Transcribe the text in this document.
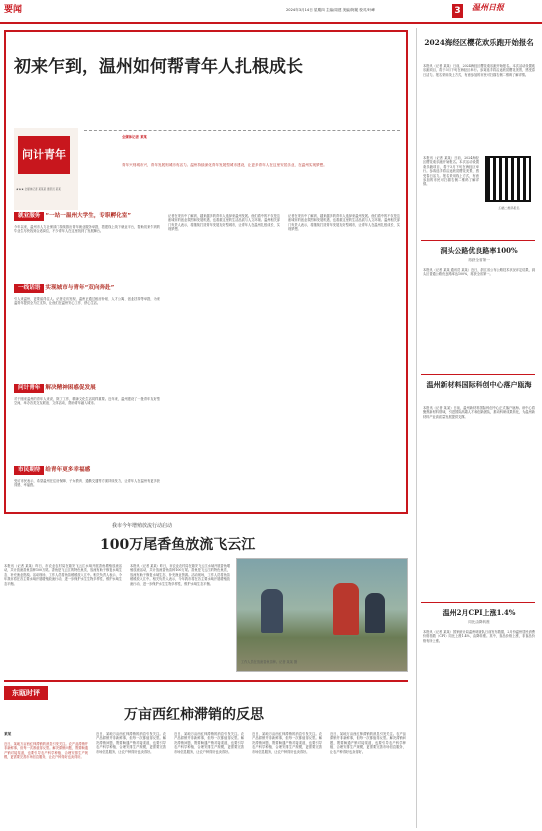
要闻	2024年3月14日 星期四 主编/周建 美编/阿妮 校对/叶峰	3 温州日报
初来乍到，温州如何帮青年人扎根成长
问计青年
★★★ 全媒体记者 某某某 通讯员 某某
全媒体记者 某某
青年兴则城市兴，青年发展则城市有活力。温州持续深化青年发展型城市建设，让更多青年人在这里安居乐业，在温州实现梦想。
就业服务 “一站一温州大学生，专职孵化室”
今年以来，温州市人力社保部门持续推出青年就业服务举措，搭建线上线下就业平台，帮助初来乍到的毕业生尽快找到合适岗位，不少青年人在这里找到了发展舞台。
一线话语 实现城市与青年“双向奔赴”
引人来温州，更要留得住人。记者走访发现，温州正通过租房补贴、人才公寓、创业扶持等举措，为来温青年提供全方位支持，让他们在温州安心工作、舒心生活。
问计青年 解决精神困惑促发展
对于刚来温州的青年人来说，除了工作，精神文化生活同样重要。近年来，温州建设了一批青年友好型空间，举办各类交友联谊、文体活动，帮助青年融入城市。
市民期待 给青年更多幸福感
受访市民表示，希望温州在住房保障、子女教育、通勤交通等方面持续发力，让青年人在温州有更多获得感、幸福感。
记者在采访中了解到，越来越多的青年人选择来温州发展。他们看中的不仅是这座城市的创业氛围和发展机遇，也看重这里的生活品质与人文环境。温州相关部门负责人表示，将继续打造青年发展友好型城市，让青年人在温州扎根成长、实现梦想。
记者在采访中了解到，越来越多的青年人选择来温州发展。他们看中的不仅是这座城市的创业氛围和发展机遇，也看重这里的生活品质与人文环境。温州相关部门负责人表示，将继续打造青年发展友好型城市，让青年人在温州扎根成长、实现梦想。
我市今年增殖放流行动启动
100万尾香鱼放流飞云江
本报讯（记者 某某）昨日，市农业农村局在瑞安飞云江水域开展香鱼增殖放流活动，共计放流香鱼苗种100万尾。香鱼是飞云江的特色鱼类，放流有助于修复水域生态、补充渔业资源。活动现场，工作人员将鱼苗缓缓放入江中。相关负责人表示，今年我市将在各主要水域开展增殖放流行动，进一步保护水生生物多样性，维护水域生态平衡。
本报讯（记者 某某）昨日，市农业农村局在瑞安飞云江水域开展香鱼增殖放流活动，共计放流香鱼苗种100万尾。香鱼是飞云江的特色鱼类，放流有助于修复水域生态、补充渔业资源。活动现场，工作人员将鱼苗缓缓放入江中。相关负责人表示，今年我市将在各主要水域开展增殖放流行动，进一步保护水生生物多样性，维护水域生态平衡。
工作人员在放流香鱼苗种。记者 某某 摄
东瓯时评
万亩西红柿滞销的反思
某某
近日，某地万亩西红柿滞销的消息引发关注。农产品滞销并非新鲜事，但每一次都值得反思。解决滞销问题，既要畅通产销对接渠道，也要引导农户科学种植、合理安排生产规模，更需要完善市场信息服务，让农户种得好也卖得好。
近日，某地万亩西红柿滞销的消息引发关注。农产品滞销并非新鲜事，但每一次都值得反思。解决滞销问题，既要畅通产销对接渠道，也要引导农户科学种植、合理安排生产规模，更需要完善市场信息服务，让农户种得好也卖得好。
近日，某地万亩西红柿滞销的消息引发关注。农产品滞销并非新鲜事，但每一次都值得反思。解决滞销问题，既要畅通产销对接渠道，也要引导农户科学种植、合理安排生产规模，更需要完善市场信息服务，让农户种得好也卖得好。
近日，某地万亩西红柿滞销的消息引发关注。农产品滞销并非新鲜事，但每一次都值得反思。解决滞销问题，既要畅通产销对接渠道，也要引导农户科学种植、合理安排生产规模，更需要完善市场信息服务，让农户种得好也卖得好。
近日，某地万亩西红柿滞销的消息引发关注。农产品滞销并非新鲜事，但每一次都值得反思。解决滞销问题，既要畅通产销对接渠道，也要引导农户科学种植、合理安排生产规模，更需要完善市场信息服务，让农户种得好也卖得好。
2024海经区樱花欢乐跑开始报名
本报讯（记者 某某）日前，2024海经区樱花欢乐跑开始报名。本次活动设置欢乐跑项目，将于3月下旬在海经区举行。参赛选手将沿途欣赏樱花美景，感受春日活力。报名采用线上方式，有意参加的市民可扫描右侧二维码了解详情。
本报讯（记者 某某）日前，2024海经区樱花欢乐跑开始报名。本次活动设置欢乐跑项目，将于3月下旬在海经区举行。参赛选手将沿途欣赏樱花美景，感受春日活力。报名采用线上方式，有意参加的市民可扫描右侧二维码了解详情。
扫描二维码报名
洞头公路优良路率100%
再获全省第一
本报讯（记者 某某 通讯员 某某）近日，浙江省公布公路技术状况评定结果，洞头区普通公路优良路率达100%，再获全省第一。
温州新材料国际科创中心落户瓯海
本报讯（记者 某某）日前，温州新材料国际科创中心正式落户瓯海。该中心将聚焦新材料领域，引进国际高端人才和创新团队，推动科研成果转化，为温州新材料产业高质量发展提供支撑。
温州2月CPI上涨1.4%
同比由降转涨
本报讯（记者 某某）国家统计局温州调查队日前发布数据，2月份温州居民消费价格指数（CPI）同比上涨1.4%，由降转涨。其中，食品价格上涨，非食品价格有所上涨。
